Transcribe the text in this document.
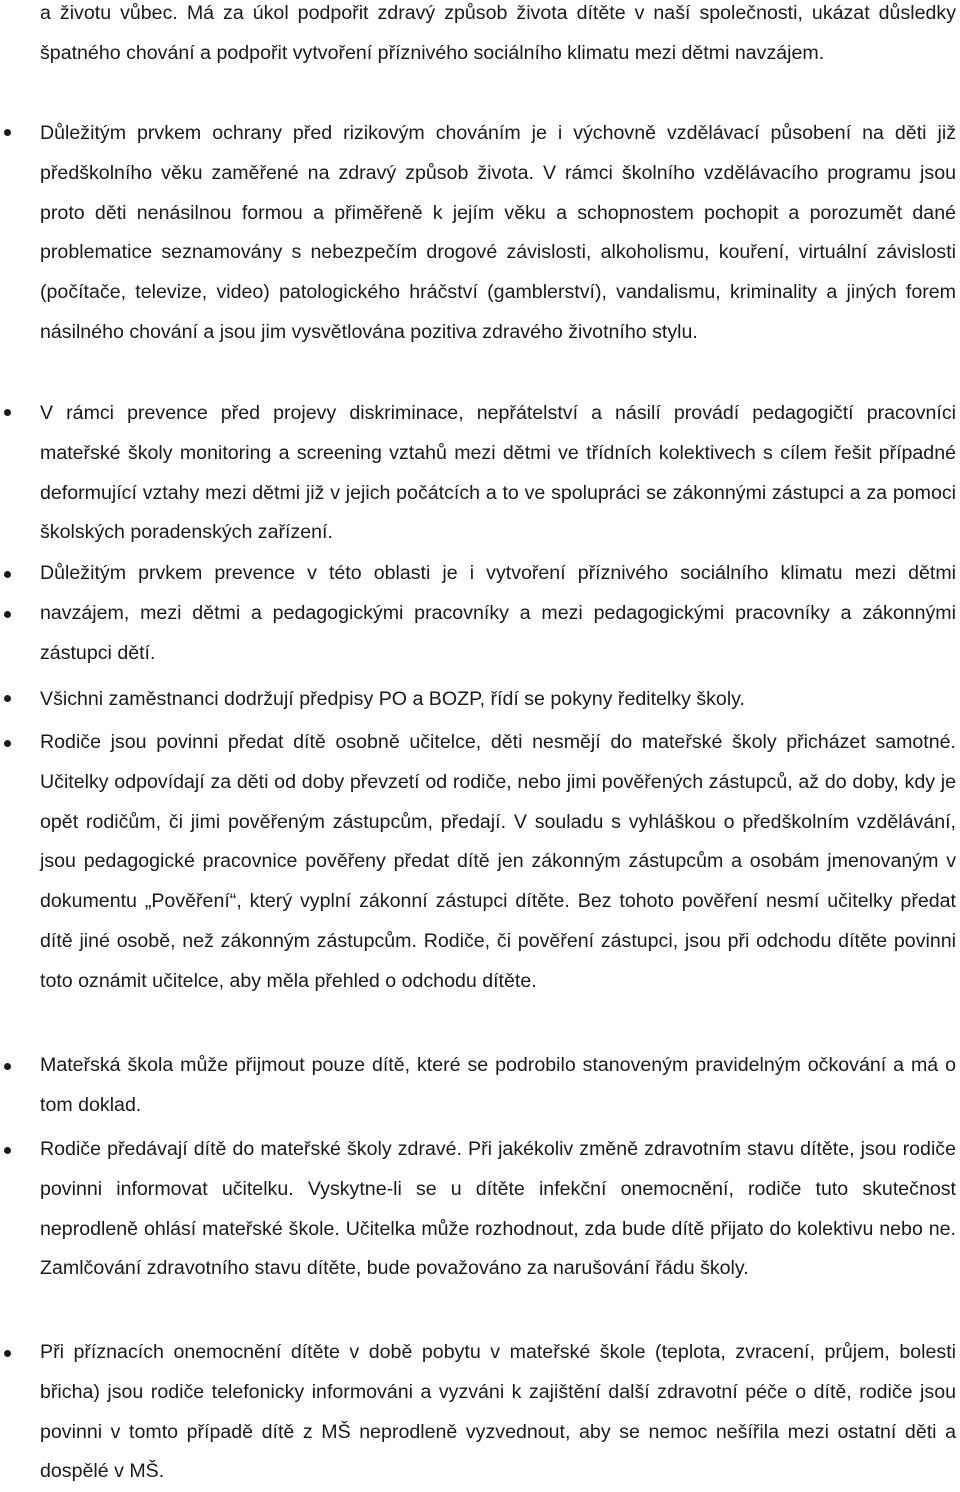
a životu vůbec. Má za úkol podpořit zdravý způsob života dítěte v naší společnosti, ukázat důsledky špatného chování a podpořit vytvoření příznivého sociálního klimatu mezi dětmi navzájem.

Důležitým prvkem ochrany před rizikovým chováním je i výchovně vzdělávací působení na děti již předškolního věku zaměřené na zdravý způsob života. V rámci školního vzdělávacího programu jsou proto děti nenásilnou formou a přiměřeně k jejím věku a schopnostem pochopit a porozumět dané problematice seznamovány s nebezpečím drogové závislosti, alkoholismu, kouření, virtuální závislosti (počítače, televize, video) patologického hráčství (gamblerství), vandalismu, kriminality a jiných forem násilného chování a jsou jim vysvětlována pozitiva zdravého životního stylu.

V rámci prevence před projevy diskriminace, nepřátelství a násilí provádí pedagogičtí pracovníci mateřské školy monitoring a screening vztahů mezi dětmi ve třídních kolektivech s cílem řešit případné deformující vztahy mezi dětmi již v jejich počátcích a to ve spolupráci se zákonnými zástupci a za pomoci školských poradenských zařízení.

Důležitým prvkem prevence v této oblasti je i vytvoření příznivého sociálního klimatu mezi dětmi navzájem, mezi dětmi a pedagogickými pracovníky a mezi pedagogickými pracovníky a zákonnými zástupci dětí.

Všichni zaměstnanci dodržují předpisy PO a BOZP, řídí se pokyny ředitelky školy.

Rodiče jsou povinni předat dítě osobně učitelce, děti nesmějí do mateřské školy přicházet samotné. Učitelky odpovídají za děti od doby převzetí od rodiče, nebo jimi pověřených zástupců, až do doby, kdy je opět rodičům, či jimi pověřeným zástupcům, předají. V souladu s vyhláškou o předškolním vzdělávání, jsou pedagogické pracovnice pověřeny předat dítě jen zákonným zástupcům a osobám jmenovaným v dokumentu „Pověření“, který vyplní zákonní zástupci dítěte. Bez tohoto pověření nesmí učitelky předat dítě jiné osobě, než zákonným zástupcům. Rodiče, či pověření zástupci, jsou při odchodu dítěte povinni toto oznámit učitelce, aby měla přehled o odchodu dítěte.

Mateřská škola může přijmout pouze dítě, které se podrobilo stanoveným pravidelným očkování a má o tom doklad.

Rodiče předávají dítě do mateřské školy zdravé. Při jakékoliv změně zdravotním stavu dítěte, jsou rodiče povinni informovat učitelku. Vyskytne-li se u dítěte infekční onemocnění, rodiče tuto skutečnost neprodleně ohlásí mateřské škole. Učitelka může rozhodnout, zda bude dítě přijato do kolektivu nebo ne. Zamlčování zdravotního stavu dítěte, bude považováno za narušování řádu školy.

Při příznacích onemocnění dítěte v době pobytu v mateřské škole (teplota, zvracení, průjem, bolesti břicha) jsou rodiče telefonicky informováni a vyzváni k zajištění další zdravotní péče o dítě, rodiče jsou povinni v tomto případě dítě z MŠ neprodleně vyzvednout, aby se nemoc nešířila mezi ostatní děti a dospělé v MŠ.
